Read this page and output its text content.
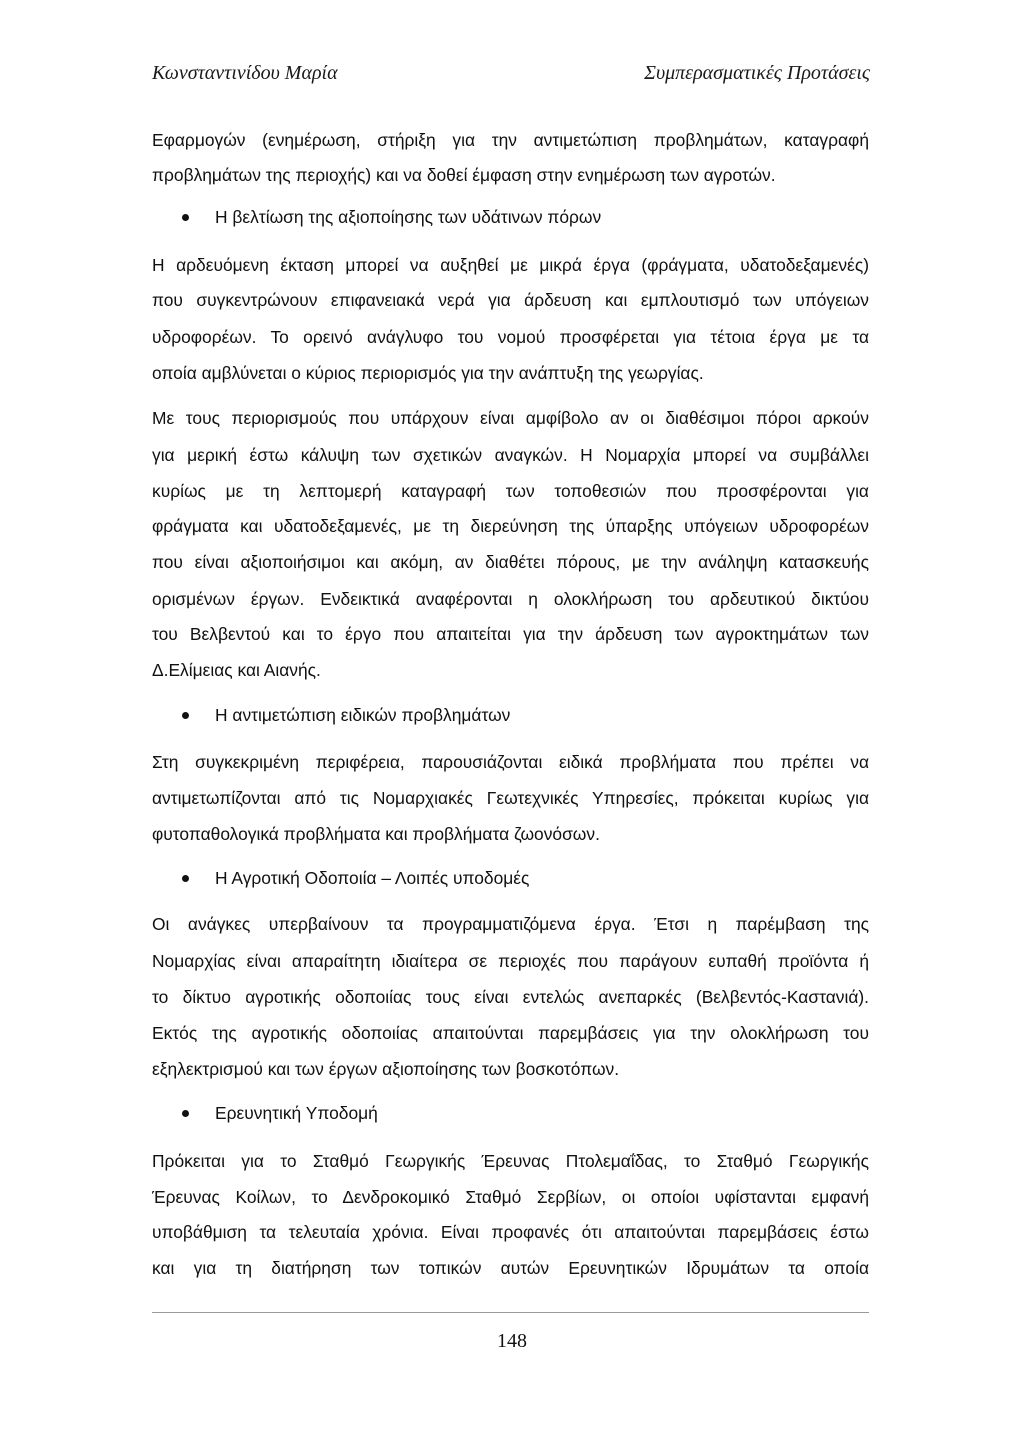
Κωνσταντινίδου Μαρία	Συμπερασματικές Προτάσεις
Εφαρμογών (ενημέρωση, στήριξη για την αντιμετώπιση προβλημάτων, καταγραφή
προβλημάτων της περιοχής) και να δοθεί έμφαση στην ενημέρωση των αγροτών.
Η βελτίωση της αξιοποίησης των υδάτινων πόρων
Η αρδευόμενη έκταση μπορεί να αυξηθεί με μικρά έργα (φράγματα, υδατοδεξαμενές)
που συγκεντρώνουν επιφανειακά νερά για άρδευση και εμπλουτισμό των υπόγειων
υδροφορέων. Το ορεινό ανάγλυφο του νομού προσφέρεται για τέτοια έργα με τα
οποία αμβλύνεται ο κύριος περιορισμός για την ανάπτυξη της γεωργίας.
Με τους περιορισμούς που υπάρχουν είναι αμφίβολο αν οι διαθέσιμοι πόροι αρκούν
για μερική έστω κάλυψη των σχετικών αναγκών. Η Νομαρχία μπορεί να συμβάλλει
κυρίως με τη λεπτομερή καταγραφή των τοποθεσιών που προσφέρονται για
φράγματα και υδατοδεξαμενές, με τη διερεύνηση της ύπαρξης υπόγειων υδροφορέων
που είναι αξιοποιήσιμοι και ακόμη, αν διαθέτει πόρους, με την ανάληψη κατασκευής
ορισμένων έργων. Ενδεικτικά αναφέρονται η ολοκλήρωση του αρδευτικού δικτύου
του Βελβεντού και το έργο που απαιτείται για την άρδευση των αγροκτημάτων των
Δ.Ελίμειας και Αιανής.
Η αντιμετώπιση ειδικών προβλημάτων
Στη συγκεκριμένη περιφέρεια, παρουσιάζονται ειδικά προβλήματα που πρέπει να
αντιμετωπίζονται από τις Νομαρχιακές Γεωτεχνικές Υπηρεσίες, πρόκειται κυρίως για
φυτοπαθολογικά προβλήματα και προβλήματα ζωονόσων.
Η Αγροτική Οδοποιία – Λοιπές υποδομές
Οι ανάγκες υπερβαίνουν τα προγραμματιζόμενα έργα. Έτσι η παρέμβαση της
Νομαρχίας είναι απαραίτητη ιδιαίτερα σε περιοχές που παράγουν ευπαθή προϊόντα ή
το δίκτυο αγροτικής οδοποιίας τους είναι εντελώς ανεπαρκές (Βελβεντός-Καστανιά).
Εκτός της αγροτικής οδοποιίας απαιτούνται παρεμβάσεις για την ολοκλήρωση του
εξηλεκτρισμού και των έργων αξιοποίησης των βοσκοτόπων.
Ερευνητική Υποδομή
Πρόκειται για το Σταθμό Γεωργικής Έρευνας Πτολεμαΐδας, το Σταθμό Γεωργικής
Έρευνας Κοίλων, το Δενδροκομικό Σταθμό Σερβίων, οι οποίοι υφίστανται εμφανή
υποβάθμιση τα τελευταία χρόνια. Είναι προφανές ότι απαιτούνται παρεμβάσεις έστω
και για τη διατήρηση των τοπικών αυτών Ερευνητικών Ιδρυμάτων τα οποία
148
